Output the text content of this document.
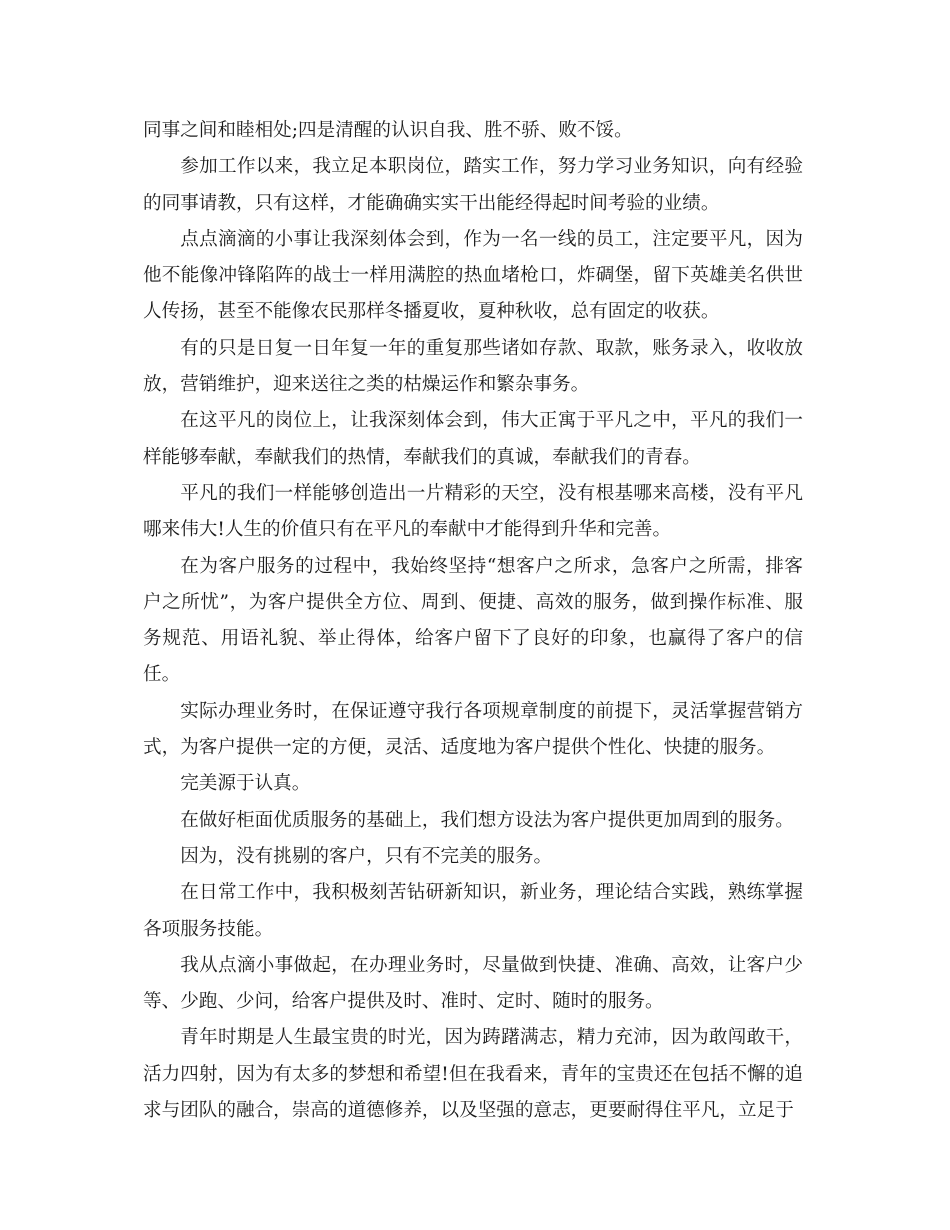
同事之间和睦相处;四是清醒的认识自我、胜不骄、败不馁。

参加工作以来，我立足本职岗位，踏实工作，努力学习业务知识，向有经验的同事请教，只有这样，才能确确实实干出能经得起时间考验的业绩。

点点滴滴的小事让我深刻体会到，作为一名一线的员工，注定要平凡，因为他不能像冲锋陷阵的战士一样用满腔的热血堵枪口，炸碉堡，留下英雄美名供世人传扬，甚至不能像农民那样冬播夏收，夏种秋收，总有固定的收获。

有的只是日复一日年复一年的重复那些诸如存款、取款，账务录入，收收放放，营销维护，迎来送往之类的枯燥运作和繁杂事务。

在这平凡的岗位上，让我深刻体会到，伟大正寓于平凡之中，平凡的我们一样能够奉献，奉献我们的热情，奉献我们的真诚，奉献我们的青春。

平凡的我们一样能够创造出一片精彩的天空，没有根基哪来高楼，没有平凡哪来伟大!人生的价值只有在平凡的奉献中才能得到升华和完善。

在为客户服务的过程中，我始终坚持“想客户之所求，急客户之所需，排客户之所忧”，为客户提供全方位、周到、便捷、高效的服务，做到操作标准、服务规范、用语礼貌、举止得体，给客户留下了良好的印象，也赢得了客户的信任。

实际办理业务时，在保证遵守我行各项规章制度的前提下，灵活掌握营销方式，为客户提供一定的方便，灵活、适度地为客户提供个性化、快捷的服务。

完美源于认真。

在做好柜面优质服务的基础上，我们想方设法为客户提供更加周到的服务。

因为，没有挑剔的客户，只有不完美的服务。

在日常工作中，我积极刻苦钻研新知识，新业务，理论结合实践，熟练掌握各项服务技能。

我从点滴小事做起，在办理业务时，尽量做到快捷、准确、高效，让客户少等、少跑、少问，给客户提供及时、准时、定时、随时的服务。

青年时期是人生最宝贵的时光，因为踌躇满志，精力充沛，因为敢闯敢干，活力四射，因为有太多的梦想和希望!但在我看来，青年的宝贵还在包括不懈的追求与团队的融合，崇高的道德修养，以及坚强的意志，更要耐得住平凡，立足于
